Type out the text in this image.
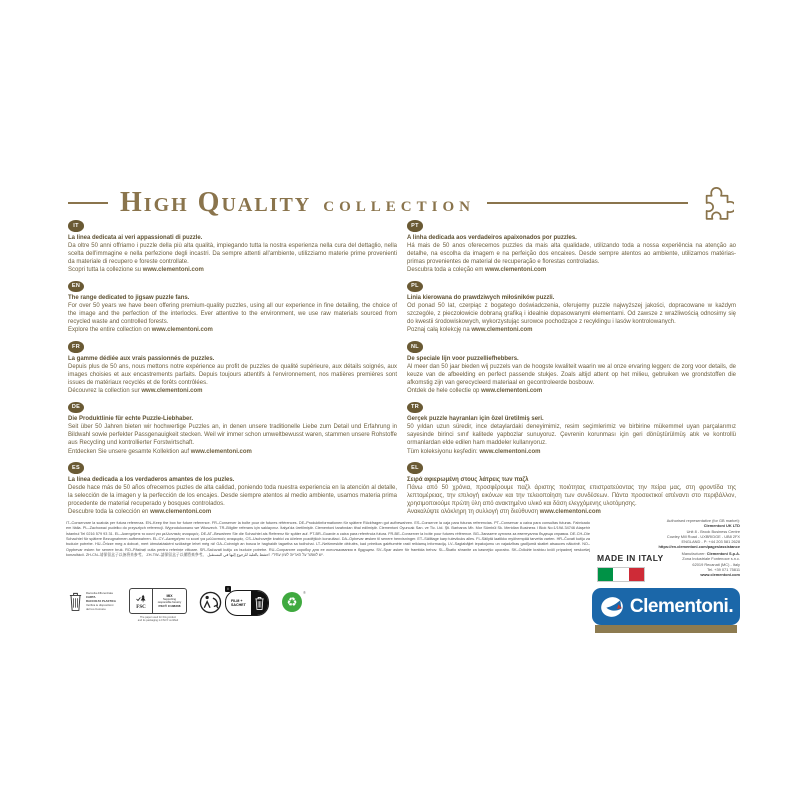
High Quality COLLECTION
IT
La linea dedicata ai veri appassionati di puzzle.
Da oltre 50 anni offriamo i puzzle della più alta qualità, impiegando tutta la nostra esperienza nella cura del dettaglio, nella scelta dell'immagine e nella perfezione degli incastri. Da sempre attenti all'ambiente, utilizziamo materie prime provenienti da materiale di recupero e foreste controllate.
Scopri tutta la collezione su www.clementoni.com
EN
The range dedicated to jigsaw puzzle fans.
For over 50 years we have been offering premium-quality puzzles, using all our experience in fine detailing, the choice of the image and the perfection of the interlocks. Ever attentive to the environment, we use raw materials sourced from recycled waste and controlled forests.
Explore the entire collection on www.clementoni.com
FR
La gamme dédiée aux vrais passionnés de puzzles.
Depuis plus de 50 ans, nous mettons notre expérience au profit de puzzles de qualité supérieure, aux détails soignés, aux images choisies et aux encastrements parfaits. Depuis toujours attentifs à l'environnement, nos matières premières sont issues de matériaux recyclés et de forêts contrôlées.
Découvrez la collection sur www.clementoni.com
DE
Die Produktlinie für echte Puzzle-Liebhaber.
Seit über 50 Jahren bieten wir hochwertige Puzzles an, in denen unsere traditionelle Liebe zum Detail und Erfahrung in Bildwahl sowie perfekter Passgenauigkeit stecken. Weil wir immer schon umweltbewusst waren, stammen unsere Rohstoffe aus Recycling und kontrollierter Forstwirtschaft.
Entdecken Sie unsere gesamte Kollektion auf www.clementoni.com
ES
La línea dedicada a los verdaderos amantes de los puzles.
Desde hace más de 50 años ofrecemos puzles de alta calidad, poniendo toda nuestra experiencia en la atención al detalle, la selección de la imagen y la perfección de los encajes. Desde siempre atentos al medio ambiente, usamos materia prima procedente de material recuperado y bosques controlados.
Descubre toda la colección en www.clementoni.com
PT
A linha dedicada aos verdadeiros apaixonados por puzzles.
Há mais de 50 anos oferecemos puzzles da mais alta qualidade, utilizando toda a nossa experiência na atenção ao detalhe, na escolha da imagem e na perfeição dos encaixes. Desde sempre atentos ao ambiente, utilizamos matérias-primas provenientes de material de recuperação e florestas controladas.
Descubra toda a coleção em www.clementoni.com
PL
Linia kierowana do prawdziwych miłośników puzzli.
Od ponad 50 lat, czerpiąc z bogatego doświadczenia, oferujemy puzzle najwyższej jakości, dopracowane w każdym szczególe, z pieczołowicie dobraną grafiką i idealnie dopasowanymi elementami. Od zawsze z wrażliwością odnosimy się do kwestii środowiskowych, wykorzystując surowce pochodzące z recyklingu i lasów kontrolowanych.
Poznaj całą kolekcję na www.clementoni.com
NL
De speciale lijn voor puzzelliefhebbers.
Al meer dan 50 jaar bieden wij puzzels van de hoogste kwaliteit waarin we al onze ervaring leggen: de zorg voor details, de keuze van de afbeelding en perfect passende stukjes. Zoals altijd attent op het milieu, gebruiken we grondstoffen die afkomstig zijn van gerecycleerd materiaal en gecontroleerde bosbouw.
Ontdek de hele collectie op www.clementoni.com
TR
Gerçek puzzle hayranları için özel üretilmiş seri.
50 yıldan uzun süredir, ince detaylardaki deneyimimiz, resim seçimlerimiz ve birbirine mükemmel uyan parçalarımız sayesinde birinci sınıf kalitede yapbozlar sunuyoruz. Çevrenin korunması için geri dönüştürülmüş atık ve kontrollü ormanlardan elde edilen ham maddeler kullanıyoruz.
Tüm koleksiyonu keşfedin: www.clementoni.com
EL
Σειρά αφιερωμένη στους λάτρεις των παζλ
Πάνω από 50 χρόνια, προσφέρουμε παζλ άριστης ποιότητας επιστρατεύοντας την πείρα μας, στη φροντίδα της λεπτομέρειας, την επιλογή εικόνων και την τελειοποίηση των συνδέσεων. Πάντα προσεκτικοί απέναντι στο περιβάλλον, χρησιμοποιούμε πρώτη ύλη από ανακτημένο υλικό και δάση ελεγχόμενης υλοτόμησης.
Ανακαλύψτε ολόκληρη τη συλλογή στη διεύθυνση www.clementoni.com
IT–Conservare la scatola per futura referenza. EN–Keep the box for future reference. FR–Conserver la boîte pour de futures références. DE–Produktinformationen für spätere Rückfragen gut aufbewahren. ES–Conserve la caja para futuras referencias. PT–Conservar a caixa para consultas futuras. Fabricado em Itália. PL–Zachować pudełko do przyszłych referencji. Wyprodukowano we Włoszech. TR–Bilgiler referans için saklayınız. İtalya'da üretilmiştir. Clementoni tarafından ithal edilmiştir. Clementoni Oyuncak San. ve Tic. Ltd. Şti. Barbaros Mh. Mor Sümbül Sk. Meridian Business I Blok No:1/19A 34746 Ataşehir İstanbul Tel 0216 579 93 31. EL–Διατηρήστε το κουτί για μελλοντικές αναφορές. DE-AT–Bewahren Sie die Schachtel als Referenz für später auf. PT-BR–Guarde a caixa para referência futura. FR-BE–Conserver la boîte pour futures référence. BG–Запазете кутията за евентуална бъдеща справка. DE-CH–Die Schachtel für spätere Bezugnahmen aufbewahren. EL-CY–Διατηρήστε το κουτί για μελλοντικές αναφορές. CS–Uschovejte krabici za účelem pozdějších konzultací. DA–Opbevar æsken til senere henvisninger. ET–Säilitage karp tulevikuks alles. FI–Säilytä laatikko myöhempää tarvetta varten. HR–Čuvati kutiju za buduće potrebe. HU–Őrizze meg a dobozt, mert útmutatásként szüksége lehet még rá! GA–Coinnigh an bosca le haghaidh tagartha sa todhchaí. LT–Neišmeskite dėžutės, kad prireikus galėtumėte rasti reikiamą informaciją. LV–Saglabājiet iepakojumu un vajadzības gadījumā skatiet atsauces nākotnē. NO–Oppbevar esken for senere bruk. RO–Păstrați cutia pentru referințe viitoare. SR–Sačuvati kutiju za buduće potrebe. RU–Сохраните коробку для ее использования в будущем. SV–Spar asken för framtida behov. SL–Škatlo shranite za kasnejšo uporabo. SK–Odložte krabicu kvôli prípadnej neskoršej konzultácii. ZH-CN–请保留盒子以备将来参考。 ZH-TW–請保留盒子以備將來參考。 יש לשמור על האריזה לעיון עתידי. احتفظ بالعلبة للرجوع إليها في المستقبل.
Authorised representative (for GB market):
Clementoni UK LTD
Unit 8 - Brook Business Centre
Cowley Mill Road - UXBRIDGE - UB8 2FX
ENGLAND - P: +44 203 581 2628
https://en.clementoni.com/pages/assistance
MADE IN ITALY	Manufacturer: Clementoni S.p.A.
Zona Industriale Fontenoce s.n.c.
62019 Recanati (MC) - Italy
Tel. +39 071 75811
www.clementoni.com
Clementoni.
Raccolta differenziata
CARTA
RACCOLTA PLASTICA
Verifica le disposizioni
del tuo Comune	FSC
MIX
Supporting
responsible forestry
FSC® C108308
The paper used for this product
and its packaging is FSC® certified
i
FILM + SACHET	♻
®
